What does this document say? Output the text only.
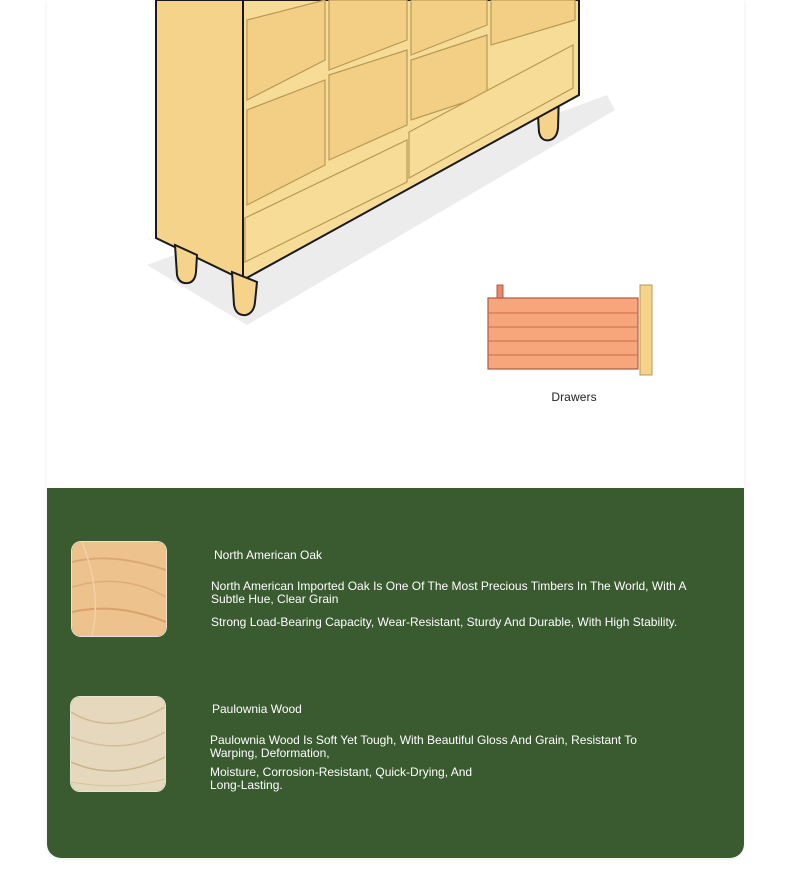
Drawers
North American Oak
North American Imported Oak Is One Of The Most Precious Timbers In The World, With A Subtle Hue, Clear Grain
Strong Load-Bearing Capacity, Wear-Resistant, Sturdy And Durable, With High Stability.
Paulownia Wood
Paulownia Wood Is Soft Yet Tough, With Beautiful Gloss And Grain, Resistant To Warping, Deformation,
Moisture, Corrosion-Resistant, Quick-Drying, And Long-Lasting.
